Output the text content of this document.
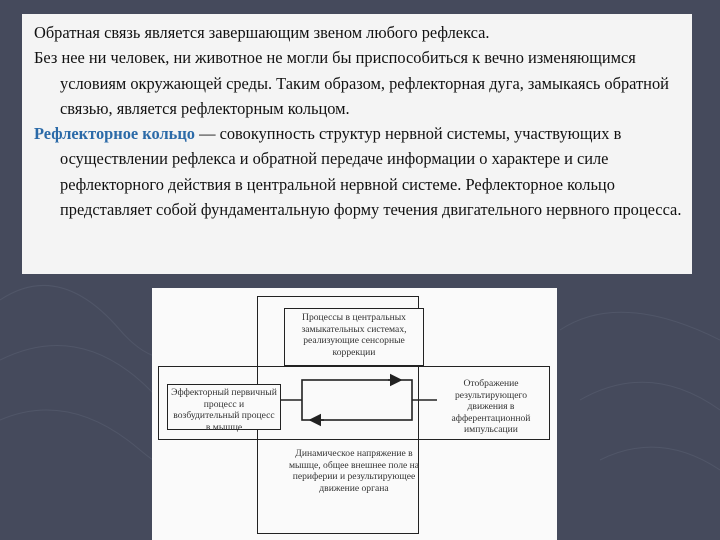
Обратная связь является завершающим звеном любого рефлекса.

Без нее ни человек, ни животное не могли бы приспособиться к вечно изменяющимся условиям окружающей среды. Таким образом, рефлекторная дуга, замыкаясь обратной связью, является рефлекторным кольцом.

Рефлекторное кольцо — совокупность структур нервной системы, участвующих в осуществлении рефлекса и обратной передаче информации о характере и силе рефлекторного действия в центральной нервной системе. Рефлекторное кольцо представляет собой фундаментальную форму течения двигательного нервного процесса.

Процессы в центральных замыкательных системах, реализующие сенсорные коррекции
Эффекторный первичный процесс и возбудительный процесс в мышце
Отображение результирующего движения в афферентационной импульсации
Динамическое напряжение в мышце, общее внешнее поле на периферии и результирующее движение органа
